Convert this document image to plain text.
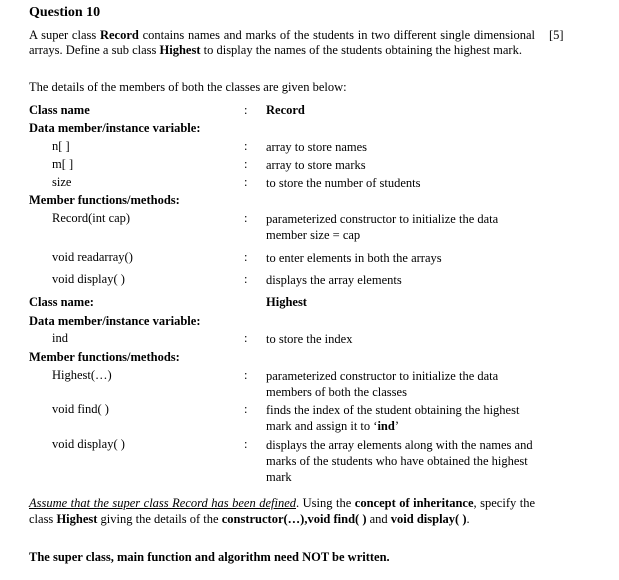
Question 10
[5]
A super class Record contains names and marks of the students in two different single dimensional arrays. Define a sub class Highest to display the names of the students obtaining the highest mark.
The details of the members of both the classes are given below:
Class name	: Record
Data member/instance variable:
n[ ]	: array to store names
m[ ]	: array to store marks
size	: to store the number of students
Member functions/methods:
Record(int cap)	: parameterized constructor to initialize the data member size = cap
void readarray()	: to enter elements in both the arrays
void display( )	: displays the array elements
Class name:	Highest
Data member/instance variable:
ind	: to store the index
Member functions/methods:
Highest(…)	: parameterized constructor to initialize the data members of both the classes
void find( )	: finds the index of the student obtaining the highest mark and assign it to ‘ind’
void display( )	: displays the array elements along with the names and marks of the students who have obtained the highest mark
Assume that the super class Record has been defined. Using the concept of inheritance, specify the class Highest giving the details of the constructor(…),void find( ) and void display( ).
The super class, main function and algorithm need NOT be written.
